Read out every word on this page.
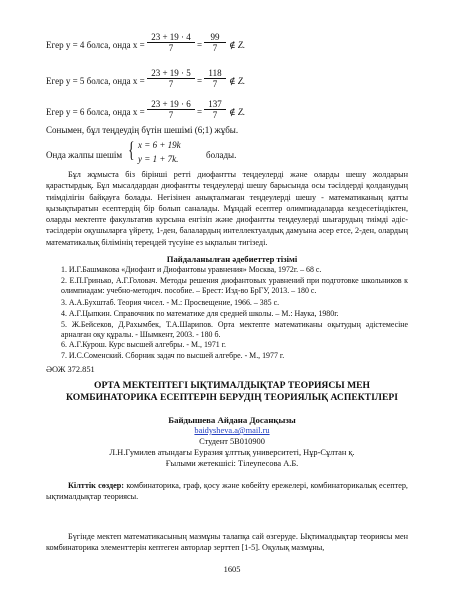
Егер y = 4 болса, онда $x = \frac{23 + 19 \cdot 4}{7} = \frac{99}{7}$ ∉ Z.
Егер y = 5 болса, онда $x = \frac{23 + 19 \cdot 5}{7} = \frac{118}{7}$ ∉ Z.
Егер y = 6 болса, онда $x = \frac{23 + 19 \cdot 6}{7} = \frac{137}{7}$ ∉ Z.
Сонымен, бұл теңдеудің бүтін шешімі (6;1) жұбы.
Онда жалпы шешім { x = 6 + 19k
y = 1 + 7k.	болады.
Бұл жұмыста біз бірінші ретті диофантты теңдеулерді және оларды шешу жолдарын қарастырдық. Бұл мысалдардан диофантты теңдеулерді шешу барысында осы тәсілдерді қолданудың тиімділігін байқауға болады. Негізінен анықталмаған теңдеулерді шешу - математиканың қатты қызықтыратын есептердің бір болып саналады. Мұндай есептер олимпиадаларда кездесетіндіктен, оларды мектепте факультатив курсына енгізіп және диофантты теңдеулерді шығарудың тиімді әдіс-тәсілдерін оқушыларға үйрету, 1-ден, балалардың интеллектуалдық дамуына әсер етсе, 2-ден, олардың математикалық білімінің тереңдей түсуіне ез ықпалын тигізеді.
Пайдаланылған әдебиеттер тізімі
1. И.Г.Башмакова «Диофант и Диофантовы уравнения» Москва, 1972г. – 68 с.
2. Е.П.Гринько, А.Г.Головач. Методы решения диофантовых уравнений при подготовке школьников к олимпиадам: учебно-методич. пособие. – Брест: Изд-во БрГУ, 2013. – 180 с.
3. А.А.Бухштаб. Теория чисел. - М.: Просвещение, 1966. – 385 с.
4. А.Г.Цыпкин. Справочник по математике для средней школы. – М.: Наука, 1980г.
5. Ж.Бейсеков, Д.Рахымбек, Т.А.Шарипов. Орта мектепте математиканы оқытудың әдістемесіне арналған оқу құралы. - Шымкент, 2003. - 180 б.
6. А.Г.Курош. Курс высшей алгебры. - М., 1971 г.
7. И.С.Соменский. Сборник задач по высшей алгебре. - М., 1977 г.
ӘОЖ 372.851
ОРТА МЕКТЕПТЕГІ ЫҚТИМАЛДЫҚТАР ТЕОРИЯСЫ МЕН КОМБИНАТОРИКА ЕСЕПТЕРІН БЕРУДІҢ ТЕОРИЯЛЫҚ АСПЕКТІЛЕРІ
Байдышева Айдана Досанқызы
baidysheva.a@mail.ru
Студент 5В010900
Л.Н.Гумилев атындағы Еуразия ұлттық университеті, Нұр-Сұлтан қ.
Ғылыми жетекшісі: Тілеупесова А.Б.
Кілттік сөздер: комбинаторика, граф, қосу және көбейту ережелері, комбинаторикалық есептер, ықтималдықтар теориясы.
Бүгінде мектеп математикасының мазмұны талапқа сай өзгеруде. Ықтималдықтар теориясы мен комбинаторика элементтерін кептеген авторлар зерттеп [1-5]. Оқулық мазмұны,
1605
